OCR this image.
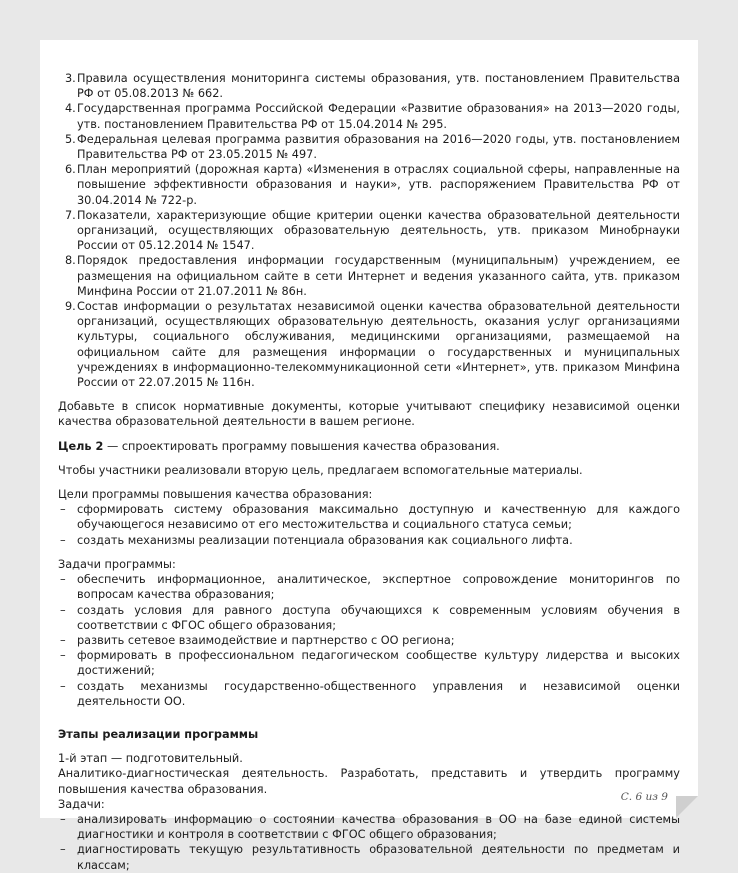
3. Правила осуществления мониторинга системы образования, утв. постановлением Правительства РФ от 05.08.2013 № 662.
4. Государственная программа Российской Федерации «Развитие образования» на 2013—2020 годы, утв. постановлением Правительства РФ от 15.04.2014 № 295.
5. Федеральная целевая программа развития образования на 2016—2020 годы, утв. постановлением Правительства РФ от 23.05.2015 № 497.
6. План мероприятий (дорожная карта) «Изменения в отраслях социальной сферы, направленные на повышение эффективности образования и науки», утв. распоряжением Правительства РФ от 30.04.2014 № 722-р.
7. Показатели, характеризующие общие критерии оценки качества образовательной деятельности организаций, осуществляющих образовательную деятельность, утв. приказом Минобрнауки России от 05.12.2014 № 1547.
8. Порядок предоставления информации государственным (муниципальным) учреждением, ее размещения на официальном сайте в сети Интернет и ведения указанного сайта, утв. приказом Минфина России от 21.07.2011 № 86н.
9. Состав информации о результатах независимой оценки качества образовательной деятельности организаций, осуществляющих образовательную деятельность, оказания услуг организациями культуры, социального обслуживания, медицинскими организациями, размещаемой на официальном сайте для размещения информации о государственных и муниципальных учреждениях в информационно-телекоммуникационной сети «Интернет», утв. приказом Минфина России от 22.07.2015 № 116н.

Добавьте в список нормативные документы, которые учитывают специфику независимой оценки качества образовательной деятельности в вашем регионе.

Цель 2 — спроектировать программу повышения качества образования.

Чтобы участники реализовали вторую цель, предлагаем вспомогательные материалы.

Цели программы повышения качества образования:

– сформировать систему образования максимально доступную и качественную для каждого обучающегося независимо от его местожительства и социального статуса семьи;
– создать механизмы реализации потенциала образования как социального лифта.

Задачи программы:

– обеспечить информационное, аналитическое, экспертное сопровождение мониторингов по вопросам качества образования;
– создать условия для равного доступа обучающихся к современным условиям обучения в соответствии с ФГОС общего образования;
– развить сетевое взаимодействие и партнерство с ОО региона;
– формировать в профессиональном педагогическом сообществе культуру лидерства и высоких достижений;
– создать механизмы государственно-общественного управления и независимой оценки деятельности ОО.

Этапы реализации программы

1-й этап — подготовительный.

Аналитико-диагностическая деятельность. Разработать, представить и утвердить программу повышения качества образования.

Задачи:

– анализировать информацию о состоянии качества образования в ОО на базе единой системы диагностики и контроля в соответствии с ФГОС общего образования;
– диагностировать текущую результативность образовательной деятельности по предметам и классам;
С. 6 из 9
